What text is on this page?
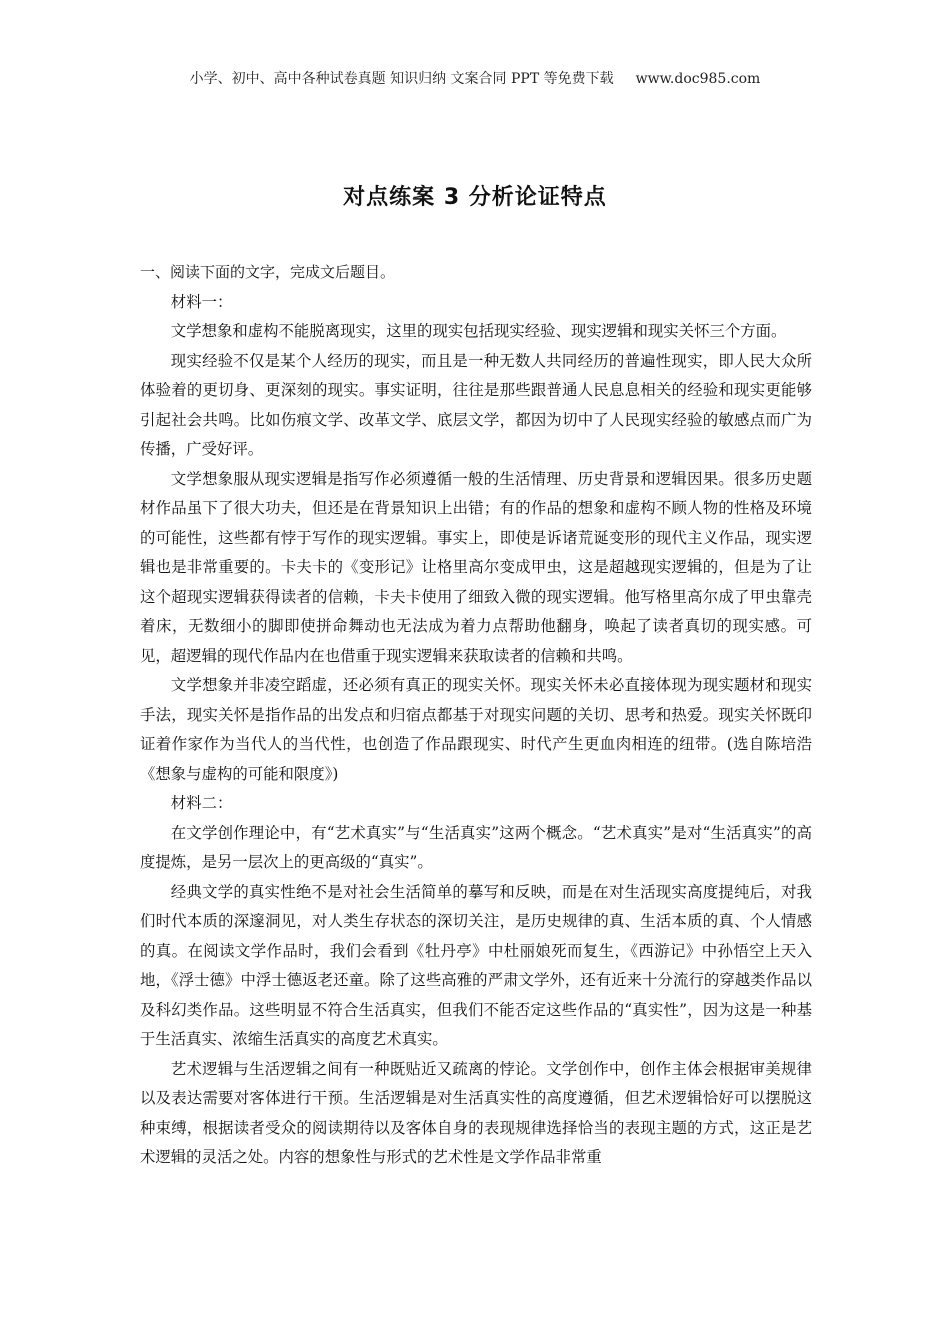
小学、初中、高中各种试卷真题 知识归纳 文案合同 PPT 等免费下载 www.doc985.com
对点练案 3 分析论证特点

一、阅读下面的文字，完成文后题目。

材料一：

文学想象和虚构不能脱离现实，这里的现实包括现实经验、现实逻辑和现实关怀三个方面。

现实经验不仅是某个人经历的现实，而且是一种无数人共同经历的普遍性现实，即人民大众所体验着的更切身、更深刻的现实。事实证明，往往是那些跟普通人民息息相关的经验和现实更能够引起社会共鸣。比如伤痕文学、改革文学、底层文学，都因为切中了人民现实经验的敏感点而广为传播，广受好评。

文学想象服从现实逻辑是指写作必须遵循一般的生活情理、历史背景和逻辑因果。很多历史题材作品虽下了很大功夫，但还是在背景知识上出错；有的作品的想象和虚构不顾人物的性格及环境的可能性，这些都有悖于写作的现实逻辑。事实上，即使是诉诸荒诞变形的现代主义作品，现实逻辑也是非常重要的。卡夫卡的《变形记》让格里高尔变成甲虫，这是超越现实逻辑的，但是为了让这个超现实逻辑获得读者的信赖，卡夫卡使用了细致入微的现实逻辑。他写格里高尔成了甲虫靠壳着床，无数细小的脚即使拼命舞动也无法成为着力点帮助他翻身，唤起了读者真切的现实感。可见，超逻辑的现代作品内在也借重于现实逻辑来获取读者的信赖和共鸣。

文学想象并非凌空蹈虚，还必须有真正的现实关怀。现实关怀未必直接体现为现实题材和现实手法，现实关怀是指作品的出发点和归宿点都基于对现实问题的关切、思考和热爱。现实关怀既印证着作家作为当代人的当代性，也创造了作品跟现实、时代产生更血肉相连的纽带。(选自陈培浩《想象与虚构的可能和限度》)

材料二：

在文学创作理论中，有“艺术真实”与“生活真实”这两个概念。“艺术真实”是对“生活真实”的高度提炼，是另一层次上的更高级的“真实”。

经典文学的真实性绝不是对社会生活简单的摹写和反映，而是在对生活现实高度提纯后，对我们时代本质的深邃洞见，对人类生存状态的深切关注，是历史规律的真、生活本质的真、个人情感的真。在阅读文学作品时，我们会看到《牡丹亭》中杜丽娘死而复生，《西游记》中孙悟空上天入地，《浮士德》中浮士德返老还童。除了这些高雅的严肃文学外，还有近来十分流行的穿越类作品以及科幻类作品。这些明显不符合生活真实，但我们不能否定这些作品的“真实性”，因为这是一种基于生活真实、浓缩生活真实的高度艺术真实。

艺术逻辑与生活逻辑之间有一种既贴近又疏离的悖论。文学创作中，创作主体会根据审美规律以及表达需要对客体进行干预。生活逻辑是对生活真实性的高度遵循，但艺术逻辑恰好可以摆脱这种束缚，根据读者受众的阅读期待以及客体自身的表现规律选择恰当的表现主题的方式，这正是艺术逻辑的灵活之处。内容的想象性与形式的艺术性是文学作品非常重
